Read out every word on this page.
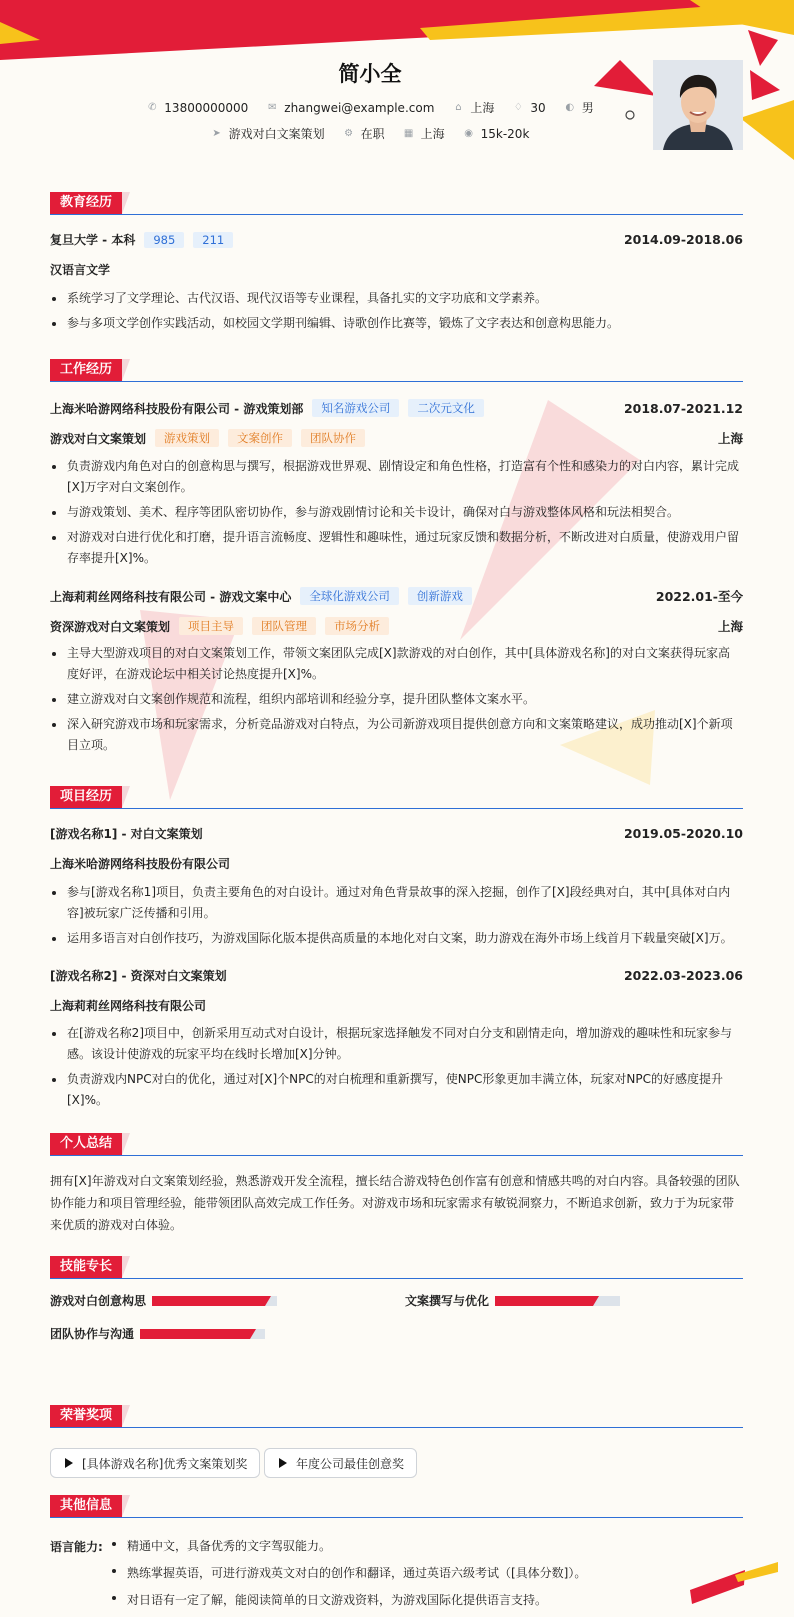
简小全
✆ 13800000000 ✉ zhangwei@example.com ⌂ 上海 ♢ 30 ◐ 男
➤ 游戏对白文案策划 ⚙ 在职 ▦ 上海 ◉ 15k-20k
教育经历
复旦大学 - 本科	985	211	2014.09-2018.06
汉语言文学
系统学习了文学理论、古代汉语、现代汉语等专业课程，具备扎实的文字功底和文学素养。
参与多项文学创作实践活动，如校园文学期刊编辑、诗歌创作比赛等，锻炼了文字表达和创意构思能力。
工作经历
上海米哈游网络科技股份有限公司 - 游戏策划部	知名游戏公司	二次元文化	2018.07-2021.12
游戏对白文案策划	游戏策划	文案创作	团队协作	上海
负责游戏内角色对白的创意构思与撰写，根据游戏世界观、剧情设定和角色性格，打造富有个性和感染力的对白内容，累计完成[X]万字对白文案创作。
与游戏策划、美术、程序等团队密切协作，参与游戏剧情讨论和关卡设计，确保对白与游戏整体风格和玩法相契合。
对游戏对白进行优化和打磨，提升语言流畅度、逻辑性和趣味性，通过玩家反馈和数据分析，不断改进对白质量，使游戏用户留存率提升[X]%。
上海莉莉丝网络科技有限公司 - 游戏文案中心	全球化游戏公司	创新游戏	2022.01-至今
资深游戏对白文案策划	项目主导	团队管理	市场分析	上海
主导大型游戏项目的对白文案策划工作，带领文案团队完成[X]款游戏的对白创作，其中[具体游戏名称]的对白文案获得玩家高度好评，在游戏论坛中相关讨论热度提升[X]%。
建立游戏对白文案创作规范和流程，组织内部培训和经验分享，提升团队整体文案水平。
深入研究游戏市场和玩家需求，分析竞品游戏对白特点，为公司新游戏项目提供创意方向和文案策略建议，成功推动[X]个新项目立项。
项目经历
[游戏名称1] - 对白文案策划	2019.05-2020.10
上海米哈游网络科技股份有限公司
参与[游戏名称1]项目，负责主要角色的对白设计。通过对角色背景故事的深入挖掘，创作了[X]段经典对白，其中[具体对白内容]被玩家广泛传播和引用。
运用多语言对白创作技巧，为游戏国际化版本提供高质量的本地化对白文案，助力游戏在海外市场上线首月下载量突破[X]万。
[游戏名称2] - 资深对白文案策划	2022.03-2023.06
上海莉莉丝网络科技有限公司
在[游戏名称2]项目中，创新采用互动式对白设计，根据玩家选择触发不同对白分支和剧情走向，增加游戏的趣味性和玩家参与感。该设计使游戏的玩家平均在线时长增加[X]分钟。
负责游戏内NPC对白的优化，通过对[X]个NPC的对白梳理和重新撰写，使NPC形象更加丰满立体，玩家对NPC的好感度提升[X]%。
个人总结
拥有[X]年游戏对白文案策划经验，熟悉游戏开发全流程，擅长结合游戏特色创作富有创意和情感共鸣的对白内容。具备较强的团队协作能力和项目管理经验，能带领团队高效完成工作任务。对游戏市场和玩家需求有敏锐洞察力，不断追求创新，致力于为玩家带来优质的游戏对白体验。
技能专长
游戏对白创意构思	文案撰写与优化
团队协作与沟通
荣誉奖项
[具体游戏名称]优秀文案策划奖	年度公司最佳创意奖
其他信息
语言能力:	精通中文，具备优秀的文字驾驭能力。
熟练掌握英语，可进行游戏英文对白的创作和翻译，通过英语六级考试（[具体分数]）。
对日语有一定了解，能阅读简单的日文游戏资料，为游戏国际化提供语言支持。
